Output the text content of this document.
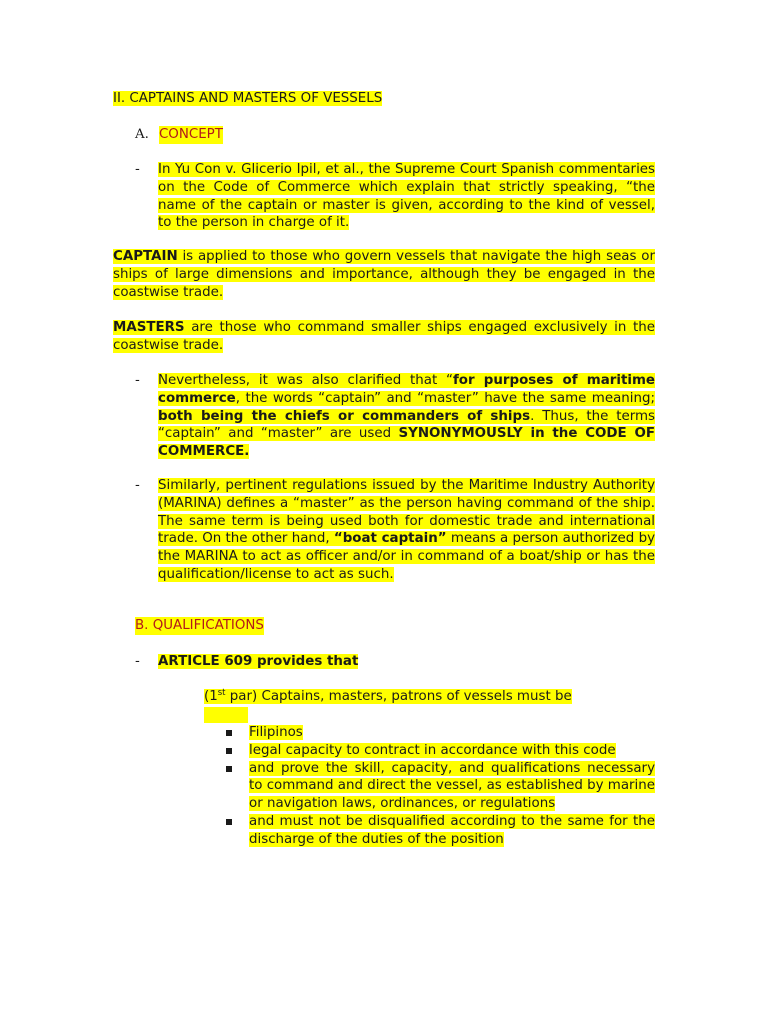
II. CAPTAINS AND MASTERS OF VESSELS
A. CONCEPT
- In Yu Con v. Glicerio Ipil, et al., the Supreme Court Spanish commentaries on the Code of Commerce which explain that strictly speaking, “the name of the captain or master is given, according to the kind of vessel, to the person in charge of it.
CAPTAIN is applied to those who govern vessels that navigate the high seas or ships of large dimensions and importance, although they be engaged in the coastwise trade.
MASTERS are those who command smaller ships engaged exclusively in the coastwise trade.
- Nevertheless, it was also clarified that “for purposes of maritime commerce, the words “captain” and “master” have the same meaning; both being the chiefs or commanders of ships. Thus, the terms “captain” and “master” are used SYNONYMOUSLY in the CODE OF COMMERCE.
- Similarly, pertinent regulations issued by the Maritime Industry Authority (MARINA) defines a “master” as the person having command of the ship. The same term is being used both for domestic trade and international trade. On the other hand, “boat captain” means a person authorized by the MARINA to act as officer and/or in command of a boat/ship or has the qualification/license to act as such.
B. QUALIFICATIONS
- ARTICLE 609 provides that
(1st par) Captains, masters, patrons of vessels must be
Filipinos
legal capacity to contract in accordance with this code
and prove the skill, capacity, and qualifications necessary to command and direct the vessel, as established by marine or navigation laws, ordinances, or regulations
and must not be disqualified according to the same for the discharge of the duties of the position
